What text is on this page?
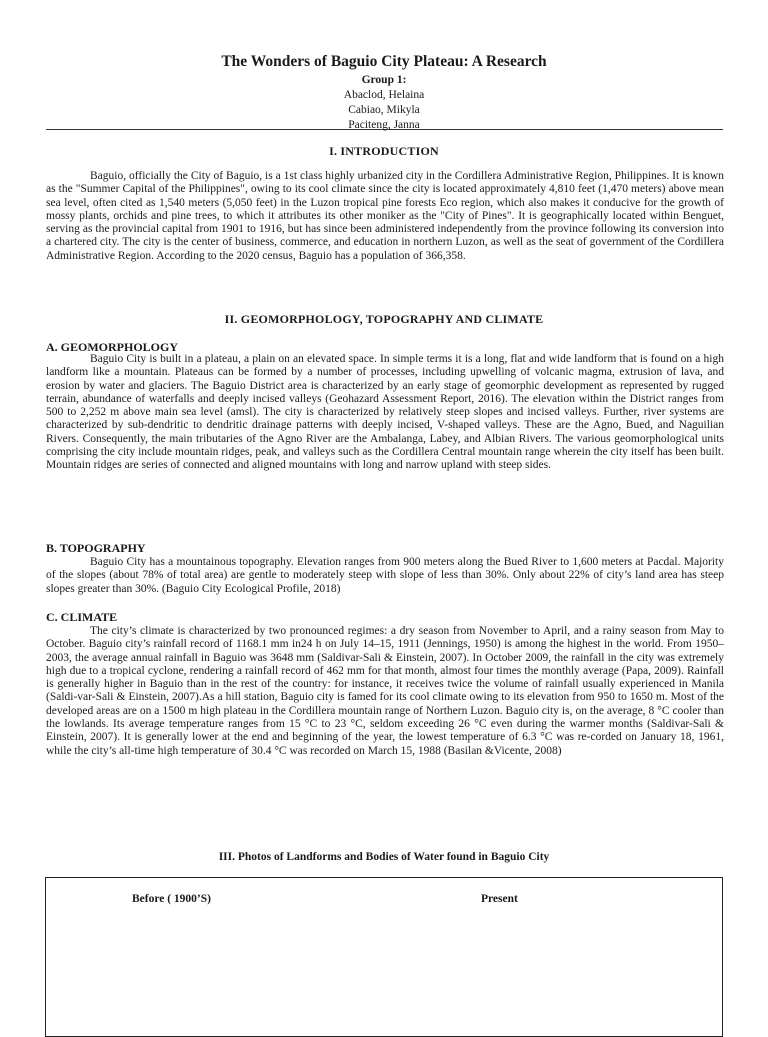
The Wonders of Baguio City Plateau: A Research
Group 1:
Abaclod, Helaina
Cabiao, Mikyla
Paciteng, Janna
I. INTRODUCTION

Baguio, officially the City of Baguio, is a 1st class highly urbanized city in the Cordillera Administrative Region, Philippines. It is known as the "Summer Capital of the Philippines", owing to its cool climate since the city is located approximately 4,810 feet (1,470 meters) above mean sea level, often cited as 1,540 meters (5,050 feet) in the Luzon tropical pine forests Eco region, which also makes it conducive for the growth of mossy plants, orchids and pine trees, to which it attributes its other moniker as the "City of Pines". It is geographically located within Benguet, serving as the provincial capital from 1901 to 1916, but has since been administered independently from the province following its conversion into a chartered city. The city is the center of business, commerce, and education in northern Luzon, as well as the seat of government of the Cordillera Administrative Region. According to the 2020 census, Baguio has a population of 366,358.

II. GEOMORPHOLOGY, TOPOGRAPHY AND CLIMATE
A. GEOMORPHOLOGY

Baguio City is built in a plateau, a plain on an elevated space. In simple terms it is a long, flat and wide landform that is found on a high landform like a mountain. Plateaus can be formed by a number of processes, including upwelling of volcanic magma, extrusion of lava, and erosion by water and glaciers. The Baguio District area is characterized by an early stage of geomorphic development as represented by rugged terrain, abundance of waterfalls and deeply incised valleys (Geohazard Assessment Report, 2016). The elevation within the District ranges from 500 to 2,252 m above main sea level (amsl). The city is characterized by relatively steep slopes and incised valleys. Further, river systems are characterized by sub-dendritic to dendritic drainage patterns with deeply incised, V-shaped valleys. These are the Agno, Bued, and Naguilian Rivers. Consequently, the main tributaries of the Agno River are the Ambalanga, Labey, and Albian Rivers. The various geomorphological units comprising the city include mountain ridges, peak, and valleys such as the Cordillera Central mountain range wherein the city itself has been built. Mountain ridges are series of connected and aligned mountains with long and narrow upland with steep sides.

B. TOPOGRAPHY

Baguio City has a mountainous topography. Elevation ranges from 900 meters along the Bued River to 1,600 meters at Pacdal. Majority of the slopes (about 78% of total area) are gentle to moderately steep with slope of less than 30%. Only about 22% of city’s land area has steep slopes greater than 30%. (Baguio City Ecological Profile, 2018)

C. CLIMATE

The city’s climate is characterized by two pronounced regimes: a dry season from November to April, and a rainy season from May to October. Baguio city’s rainfall record of 1168.1 mm in24 h on July 14–15, 1911 (Jennings, 1950) is among the highest in the world. From 1950–2003, the average annual rainfall in Baguio was 3648 mm (Saldivar-Sali & Einstein, 2007). In October 2009, the rainfall in the city was extremely high due to a tropical cyclone, rendering a rainfall record of 462 mm for that month, almost four times the monthly average (Papa, 2009). Rainfall is generally higher in Baguio than in the rest of the country: for instance, it receives twice the volume of rainfall usually experienced in Manila (Saldi-var-Sali & Einstein, 2007).As a hill station, Baguio city is famed for its cool climate owing to its elevation from 950 to 1650 m. Most of the developed areas are on a 1500 m high plateau in the Cordillera mountain range of Northern Luzon. Baguio city is, on the average, 8 °C cooler than the lowlands. Its average temperature ranges from 15 °C to 23 °C, seldom exceeding 26 °C even during the warmer months (Saldivar-Sali & Einstein, 2007). It is generally lower at the end and beginning of the year, the lowest temperature of 6.3 °C was re-corded on January 18, 1961, while the city’s all-time high temperature of 30.4 °C was recorded on March 15, 1988 (Basilan &Vicente, 2008)

III. Photos of Landforms and Bodies of Water found in Baguio City
Before ( 1900’S)	Present
